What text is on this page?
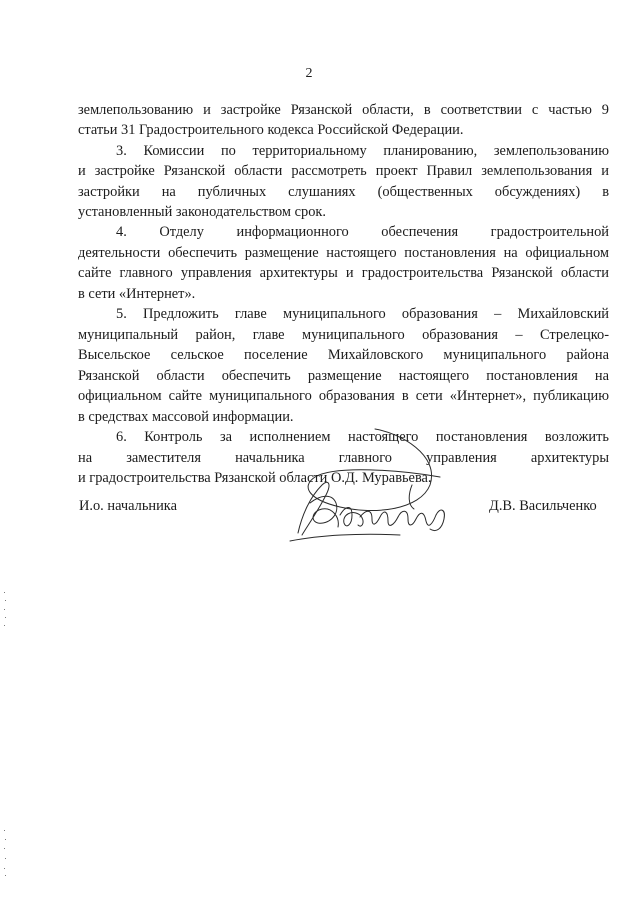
2
землепользованию и застройке Рязанской области, в соответствии с частью 9
статьи 31 Градостроительного кодекса Российской Федерации.
3. Комиссии по территориальному планированию, землепользованию
и застройке Рязанской области рассмотреть проект Правил землепользования и
застройки на публичных слушаниях (общественных обсуждениях) в
установленный законодательством срок.
4. Отделу информационного обеспечения градостроительной
деятельности обеспечить размещение настоящего постановления на официальном
сайте главного управления архитектуры и градостроительства Рязанской области
в сети «Интернет».
5. Предложить главе муниципального образования – Михайловский
муниципальный район, главе муниципального образования – Стрелецко-
Высельское сельское поселение Михайловского муниципального района
Рязанской области обеспечить размещение настоящего постановления на
официальном сайте муниципального образования в сети «Интернет», публикацию
в средствах массовой информации.
6. Контроль за исполнением настоящего постановления возложить
на заместителя начальника главного управления архитектуры
и градостроительства Рязанской области О.Д. Муравьева.
И.о. начальника	Д.В. Васильченко
